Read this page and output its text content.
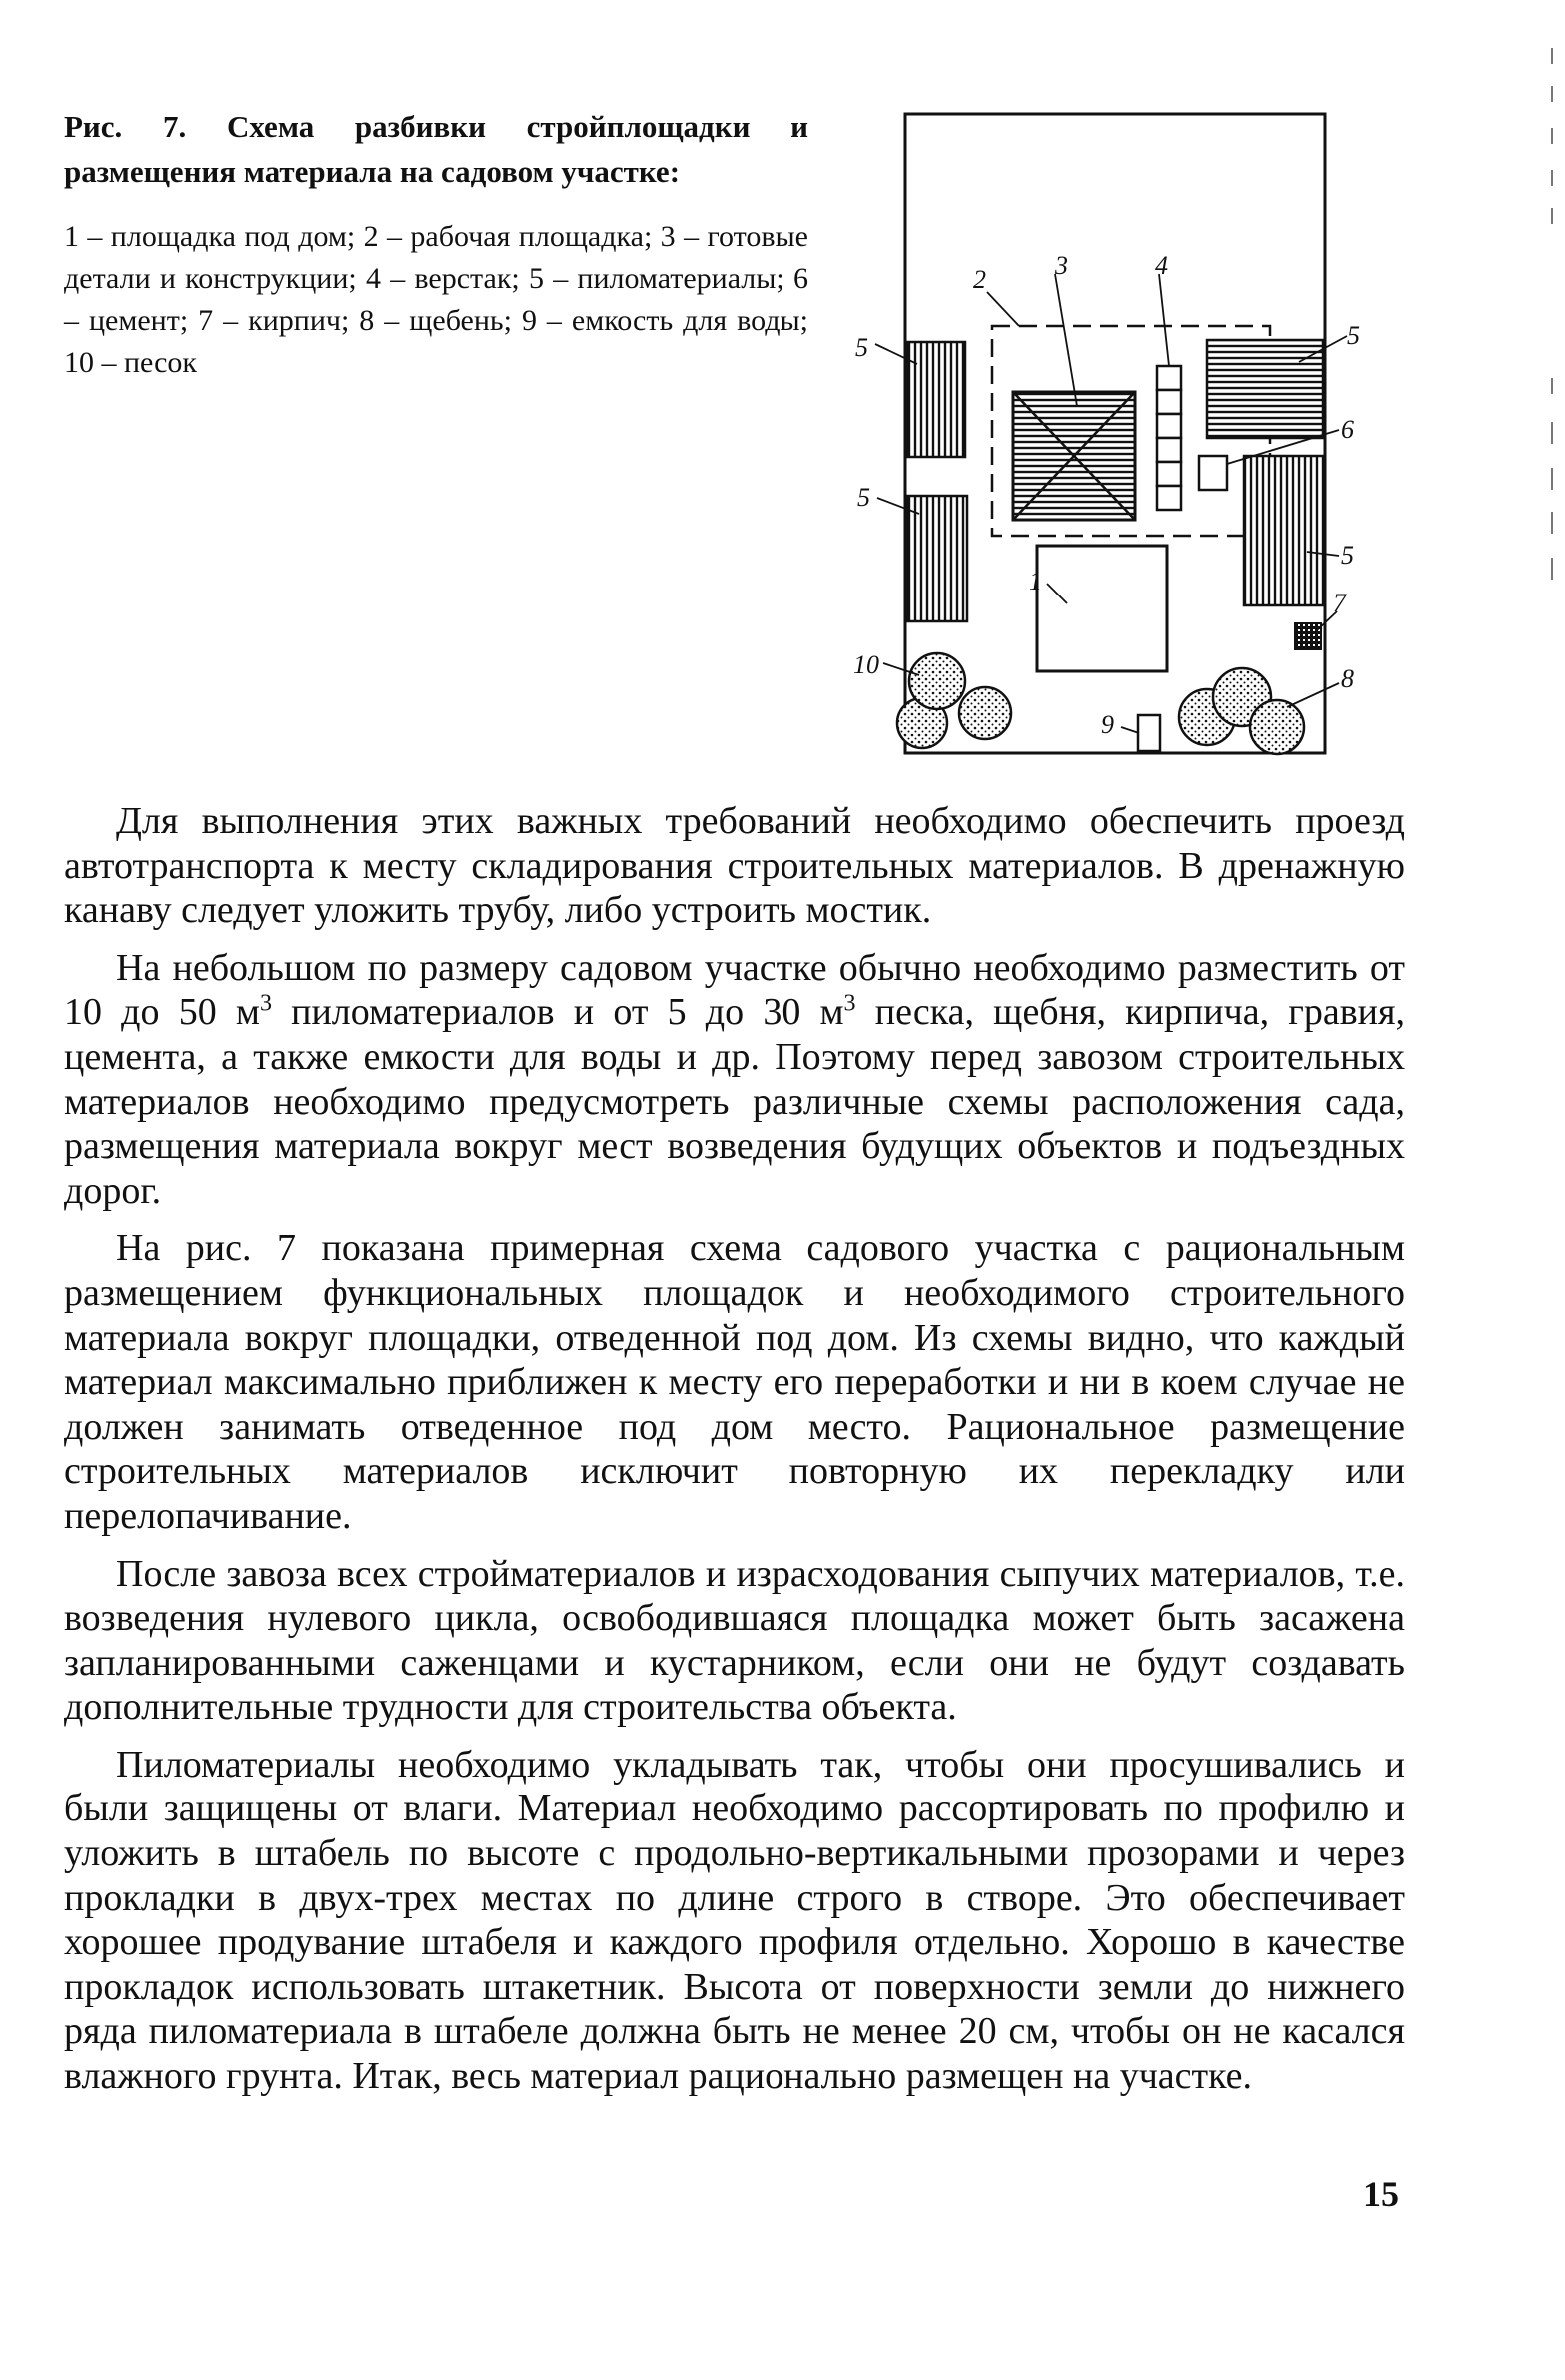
Рис. 7. Схема разбивки стройплощадки и размещения материала на садовом участке:
1 – площадка под дом; 2 – рабочая площадка; 3 – готовые детали и конструкции; 4 – верстак; 5 – пиломатериалы; 6 – цемент; 7 – кирпич; 8 – щебень; 9 – емкость для воды; 10 – песок
2	3	4
5	5
6
5
5
1
7
8
9
10

Для выполнения этих важных требований необходимо обеспечить проезд автотранспорта к месту складирования строительных материалов. В дренажную канаву следует уложить трубу, либо устроить мостик.

На небольшом по размеру садовом участке обычно необходимо разместить от 10 до 50 $м^3$ пиломатериалов и от 5 до 30 $м^3$ песка, щебня, кирпича, гравия, цемента, а также емкости для воды и др. Поэтому перед завозом строительных материалов необходимо предусмотреть различные схемы расположения сада, размещения материала вокруг мест возведения будущих объектов и подъездных дорог.

На рис. 7 показана примерная схема садового участка с рациональным размещением функциональных площадок и необходимого строительного материала вокруг площадки, отведенной под дом. Из схемы видно, что каждый материал максимально приближен к месту его переработки и ни в коем случае не должен занимать отведенное под дом место. Рациональное размещение строительных материалов исключит повторную их перекладку или перелопачивание.

После завоза всех стройматериалов и израсходования сыпучих материалов, т.е. возведения нулевого цикла, освободившаяся площадка может быть засажена запланированными саженцами и кустарником, если они не будут создавать дополнительные трудности для строительства объекта.

Пиломатериалы необходимо укладывать так, чтобы они просушивались и были защищены от влаги. Материал необходимо рассортировать по профилю и уложить в штабель по высоте с продольно-вертикальными прозорами и через прокладки в двух-трех местах по длине строго в створе. Это обеспечивает хорошее продувание штабеля и каждого профиля отдельно. Хорошо в качестве прокладок использовать штакетник. Высота от поверхности земли до нижнего ряда пиломатериала в штабеле должна быть не менее 20 см, чтобы он не касался влажного грунта. Итак, весь материал рационально размещен на участке.

15
